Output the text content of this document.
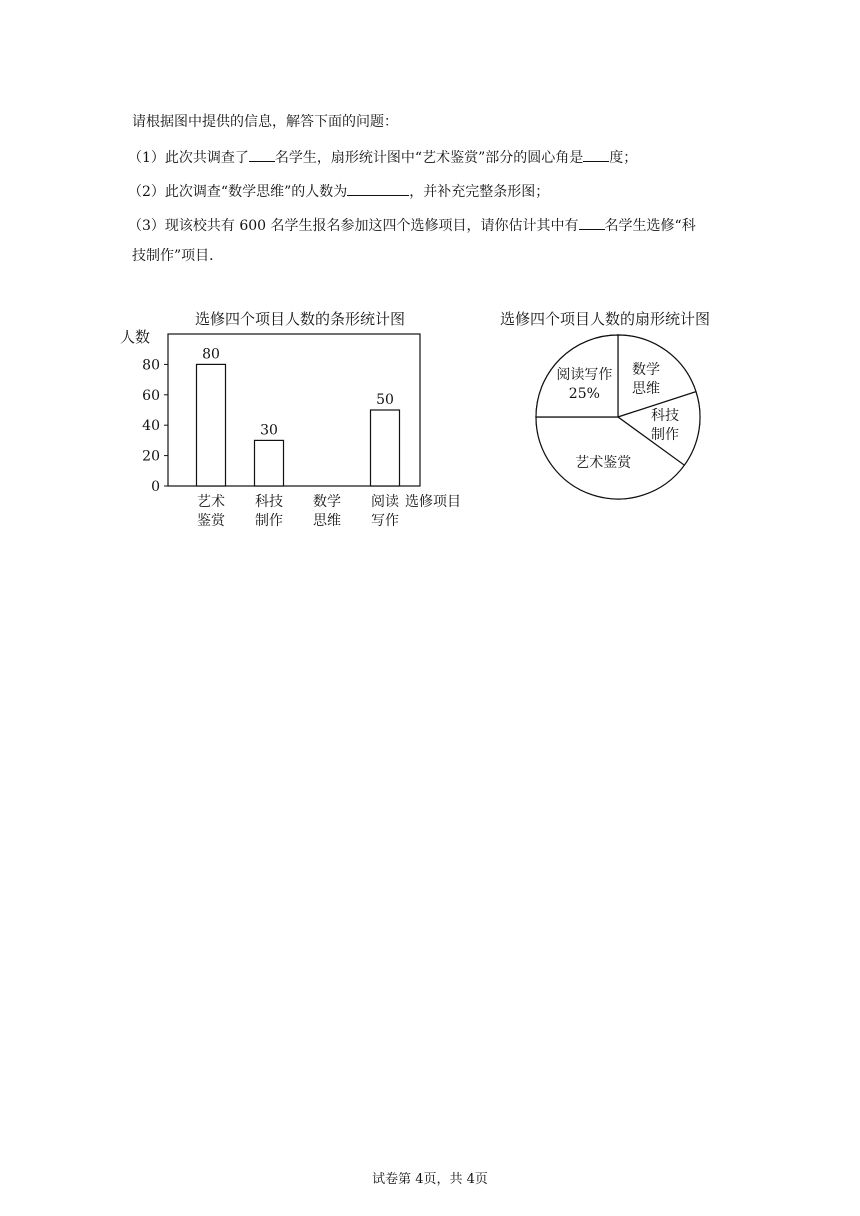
请根据图中提供的信息，解答下面的问题：
（1）此次共调查了 名学生，扇形统计图中“艺术鉴赏”部分的圆心角是 度；
（2）此次调查“数学思维”的人数为	，并补充完整条形图；
（3）现该校共有 600 名学生报名参加这四个选修项目，请你估计其中有 名学生选修“科
技制作”项目．
选修四个项目人数的条形统计图
人数
选修项目
0
20
40
60
80
80
艺术
鉴赏
30
科技
制作
数学
思维
50
阅读
写作
选修四个项目人数的扇形统计图
数学
思维
科技
制作
艺术鉴赏
阅读写作
25%
试卷第 4页，共 4页
